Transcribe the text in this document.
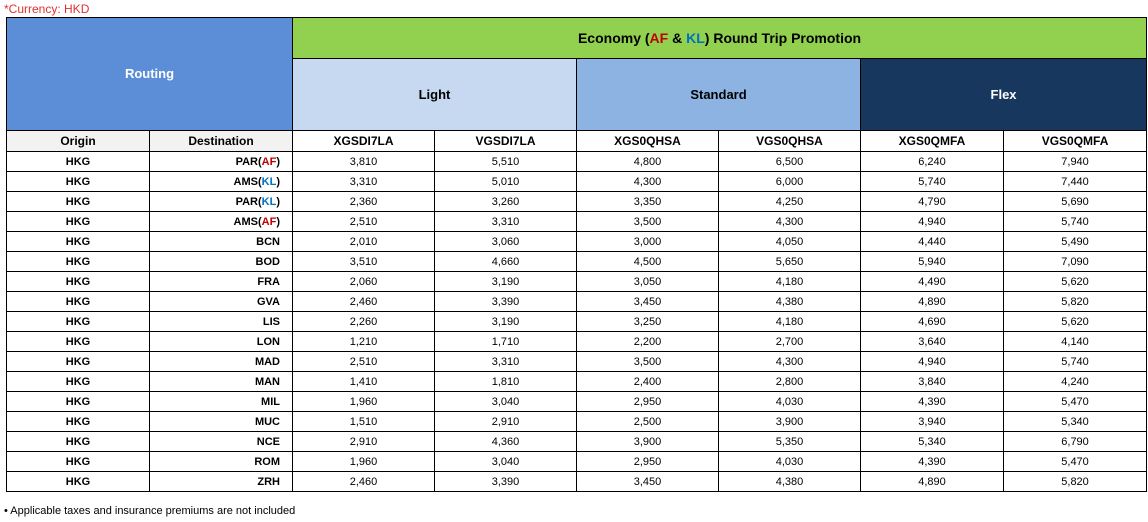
*Currency: HKD
Routing		Economy (AF & KL) Round Trip Promotion					
		Light		Standard		Flex	
Origin	Destination	XGSDI7LA	VGSDI7LA	XGS0QHSA	VGS0QHSA	XGS0QMFA	VGS0QMFA
HKG	PAR(AF)	3,810	5,510	4,800	6,500	6,240	7,940
HKG	AMS(KL)	3,310	5,010	4,300	6,000	5,740	7,440
HKG	PAR(KL)	2,360	3,260	3,350	4,250	4,790	5,690
HKG	AMS(AF)	2,510	3,310	3,500	4,300	4,940	5,740
HKG	BCN	2,010	3,060	3,000	4,050	4,440	5,490
HKG	BOD	3,510	4,660	4,500	5,650	5,940	7,090
HKG	FRA	2,060	3,190	3,050	4,180	4,490	5,620
HKG	GVA	2,460	3,390	3,450	4,380	4,890	5,820
HKG	LIS	2,260	3,190	3,250	4,180	4,690	5,620
HKG	LON	1,210	1,710	2,200	2,700	3,640	4,140
HKG	MAD	2,510	3,310	3,500	4,300	4,940	5,740
HKG	MAN	1,410	1,810	2,400	2,800	3,840	4,240
HKG	MIL	1,960	3,040	2,950	4,030	4,390	5,470
HKG	MUC	1,510	2,910	2,500	3,900	3,940	5,340
HKG	NCE	2,910	4,360	3,900	5,350	5,340	6,790
HKG	ROM	1,960	3,040	2,950	4,030	4,390	5,470
HKG	ZRH	2,460	3,390	3,450	4,380	4,890	5,820
• Applicable taxes and insurance premiums are not included
